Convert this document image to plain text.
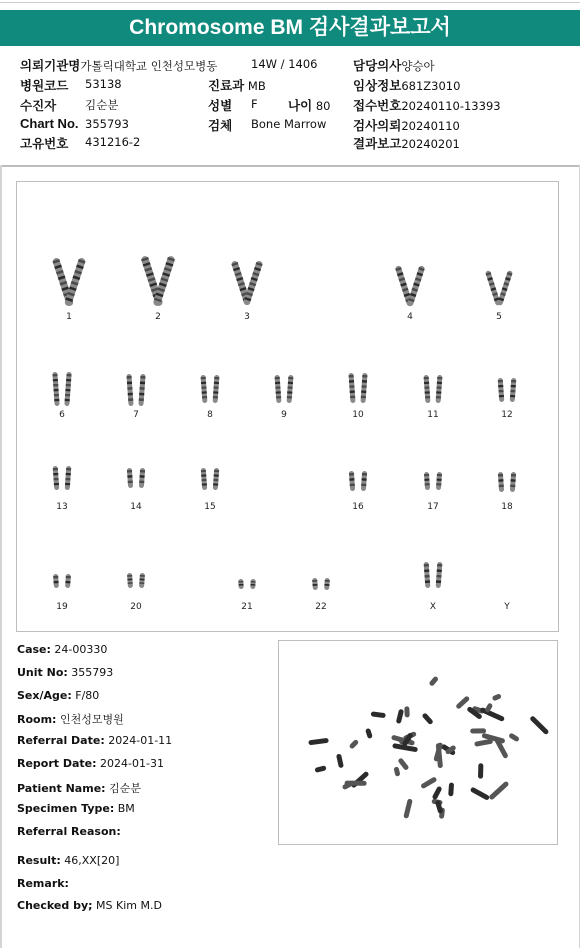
Chromosome BM 검사결과보고서
의뢰기관명가톨릭대학교 인천성모병동	14W / 1406	담당의사양승아
병원코드 53138	진료과 MB	임상정보681Z3010
수진자	김순분	성별 F 나이 80 접수번호20240110-13393
Chart No. 355793	검체 Bone Marrow 검사의뢰20240110
고유번호 431216-2	결과보고20240201
1	2	3	4	5
6	7	8	9	10	11	12
13	14	15	16	17	18
19	20	21	22	X	Y
Case: 24-00330
Unit No: 355793
Sex/Age: F/80
Room: 인천성모병원
Referral Date: 2024-01-11
Report Date: 2024-01-31
Patient Name: 김순분
Specimen Type: BM
Referral Reason:
Result: 46,XX[20]
Remark:
Checked by; MS Kim M.D
